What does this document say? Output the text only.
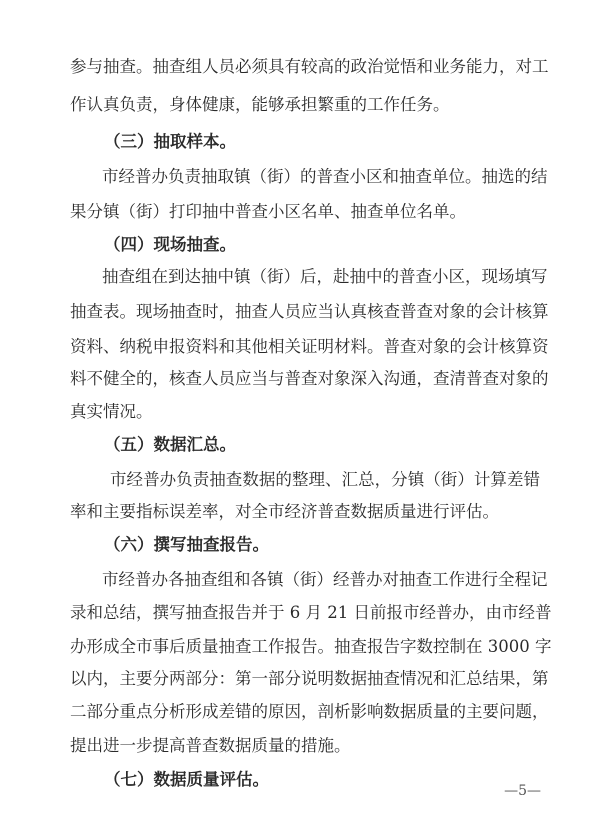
参与抽查。抽查组人员必须具有较高的政治觉悟和业务能力，对工
作认真负责，身体健康，能够承担繁重的工作任务。
（三）抽取样本。
市经普办负责抽取镇（街）的普查小区和抽查单位。抽选的结
果分镇（街）打印抽中普查小区名单、抽查单位名单。
（四）现场抽查。
抽查组在到达抽中镇（街）后，赴抽中的普查小区，现场填写
抽查表。现场抽查时，抽查人员应当认真核查普查对象的会计核算
资料、纳税申报资料和其他相关证明材料。普查对象的会计核算资
料不健全的，核查人员应当与普查对象深入沟通，查清普查对象的
真实情况。
（五）数据汇总。
市经普办负责抽查数据的整理、汇总，分镇（街）计算差错
率和主要指标误差率，对全市经济普查数据质量进行评估。
（六）撰写抽查报告。
市经普办各抽查组和各镇（街）经普办对抽查工作进行全程记
录和总结，撰写抽查报告并于 6 月 21 日前报市经普办，由市经普
办形成全市事后质量抽查工作报告。抽查报告字数控制在 3000 字
以内，主要分两部分：第一部分说明数据抽查情况和汇总结果，第
二部分重点分析形成差错的原因，剖析影响数据质量的主要问题，
提出进一步提高普查数据质量的措施。
（七）数据质量评估。
—5—
